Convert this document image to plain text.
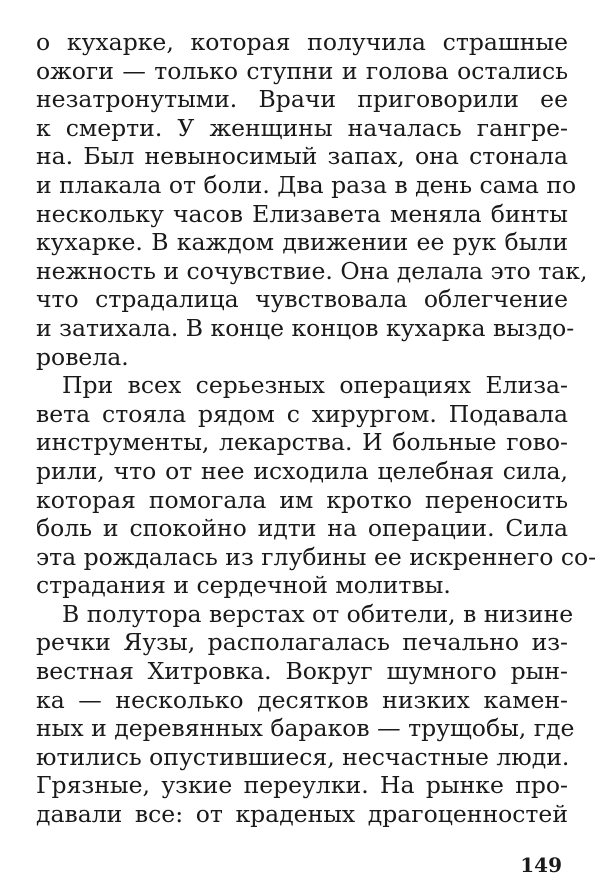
о кухарке, которая получила страшные
ожоги — только ступни и голова остались
незатронутыми. Врачи приговорили ее
к смерти. У женщины началась гангре-
на. Был невыносимый запах, она стонала
и плакала от боли. Два раза в день сама по
нескольку часов Елизавета меняла бинты
кухарке. В каждом движении ее рук были
нежность и сочувствие. Она делала это так,
что страдалица чувствовала облегчение
и затихала. В конце концов кухарка выздо-
ровела.
При всех серьезных операциях Елиза-
вета стояла рядом с хирургом. Подавала
инструменты, лекарства. И больные гово-
рили, что от нее исходила целебная сила,
которая помогала им кротко переносить
боль и спокойно идти на операции. Сила
эта рождалась из глубины ее искреннего со-
страдания и сердечной молитвы.
В полутора верстах от обители, в низине
речки Яузы, располагалась печально из-
вестная Хитровка. Вокруг шумного рын-
ка — несколько десятков низких камен-
ных и деревянных бараков — трущобы, где
ютились опустившиеся, несчастные люди.
Грязные, узкие переулки. На рынке про-
давали все: от краденых драгоценностей
149
